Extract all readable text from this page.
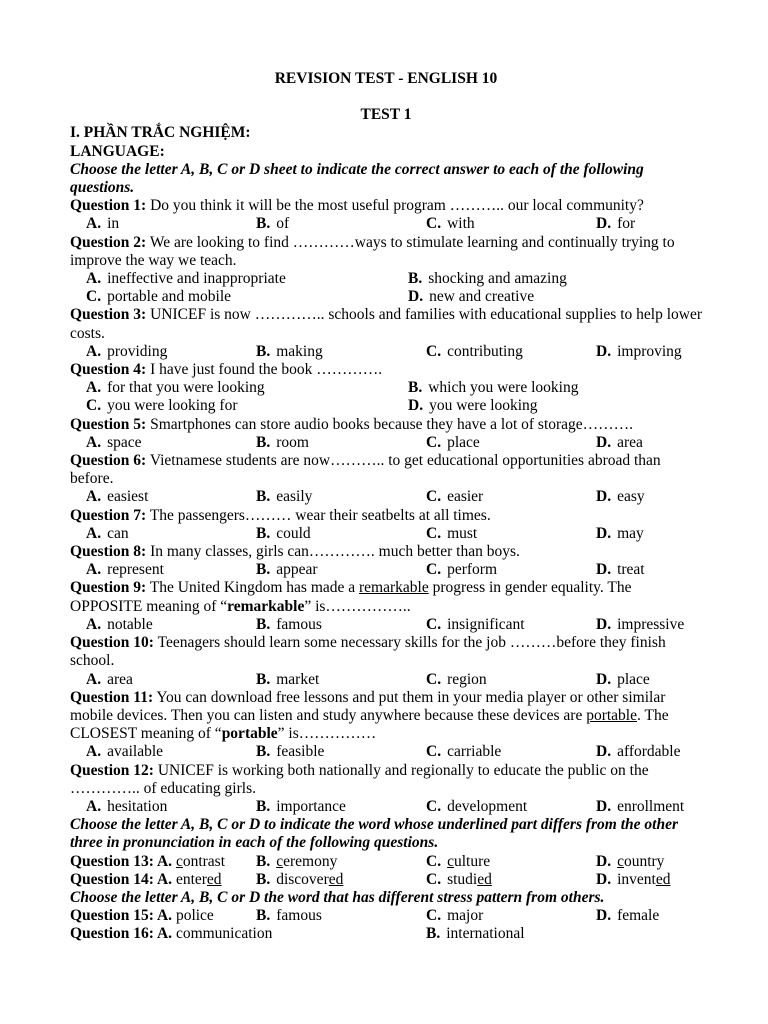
REVISION TEST - ENGLISH 10
TEST 1
I. PHẦN TRẮC NGHIỆM:
LANGUAGE:
Choose the letter A, B, C or D sheet to indicate the correct answer to each of the following questions.
Question 1: Do you think it will be the most useful program ……….. our local community?
A. in	B. of	C. with	D. for
Question 2: We are looking to find …………ways to stimulate learning and continually trying to improve the way we teach.
A. ineffective and inappropriate	B. shocking and amazing
C. portable and mobile	D. new and creative
Question 3: UNICEF is now ………….. schools and families with educational supplies to help lower costs.
A. providing	B. making	C. contributing	D. improving
Question 4: I have just found the book ………….
A. for that you were looking	B. which you were looking
C. you were looking for	D. you were looking
Question 5: Smartphones can store audio books because they have a lot of storage……….
A. space	B. room	C. place	D. area
Question 6: Vietnamese students are now……….. to get educational opportunities abroad than before.
A. easiest	B. easily	C. easier	D. easy
Question 7: The passengers……… wear their seatbelts at all times.
A. can	B. could	C. must	D. may
Question 8: In many classes, girls can…………. much better than boys.
A. represent	B. appear	C. perform	D. treat
Question 9: The United Kingdom has made a remarkable progress in gender equality. The OPPOSITE meaning of “remarkable” is……………..
A. notable	B. famous	C. insignificant	D. impressive
Question 10: Teenagers should learn some necessary skills for the job ………before they finish school.
A. area	B. market	C. region	D. place
Question 11: You can download free lessons and put them in your media player or other similar mobile devices. Then you can listen and study anywhere because these devices are portable. The CLOSEST meaning of “portable” is……………
A. available	B. feasible	C. carriable	D. affordable
Question 12: UNICEF is working both nationally and regionally to educate the public on the ………….. of educating girls.
A. hesitation	B. importance	C. development	D. enrollment
Choose the letter A, B, C or D to indicate the word whose underlined part differs from the other three in pronunciation in each of the following questions.
Question 13: A. contrast	B. ceremony	C. culture	D. country
Question 14: A. entered	B. discovered	C. studied	D. invented
Choose the letter A, B, C or D the word that has different stress pattern from others.
Question 15: A. police	B. famous	C. major	D. female
Question 16: A. communication	B. international
